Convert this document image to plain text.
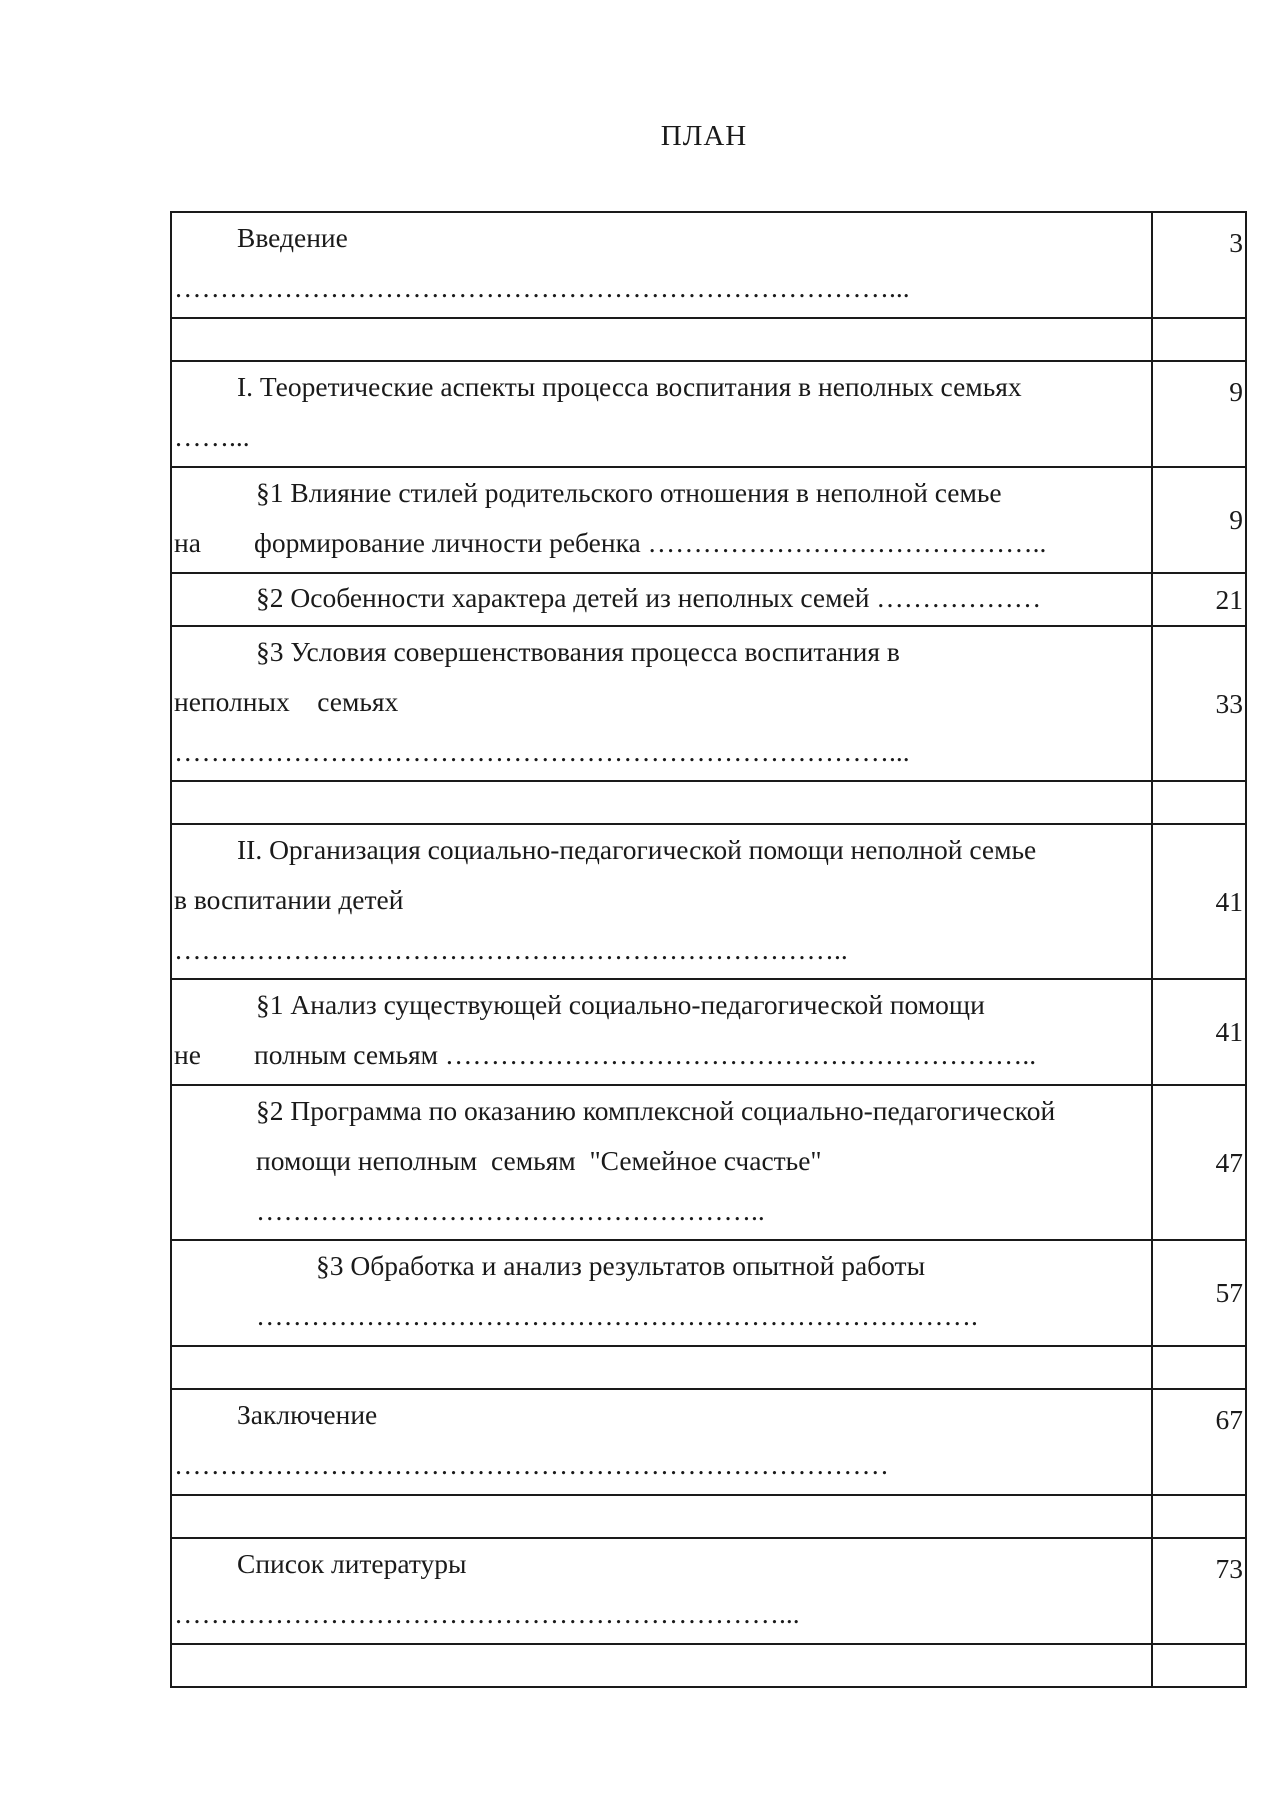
ПЛАН
Введение
……………………………………………………………………...	3

I. Теоретические аспекты процесса воспитания в неполных семьях
……...	9

§1 Влияние стилей родительского отношения в неполной семье
на формирование личности ребенка ……………………………………..	9

§2 Особенности характера детей из неполных семей ………………	21

§3 Условия совершенствования процесса воспитания в
неполных    семьях
……………………………………………………………………...	33

II. Организация социально-педагогической помощи неполной семье
в воспитании детей
………………………………………………………………..	41

§1 Анализ существующей социально-педагогической помощи
не полным семьям ………………………………………………………..	41

§2 Программа по оказанию комплексной социально-педагогической
помощи неполным  семьям  "Семейное счастье"
………………………………………………..	47

§3 Обработка и анализ результатов опытной работы
…………………………………………………………………….	57

Заключение
……………………………………………………………………	67

Список литературы
…………………………………………………………...	73
